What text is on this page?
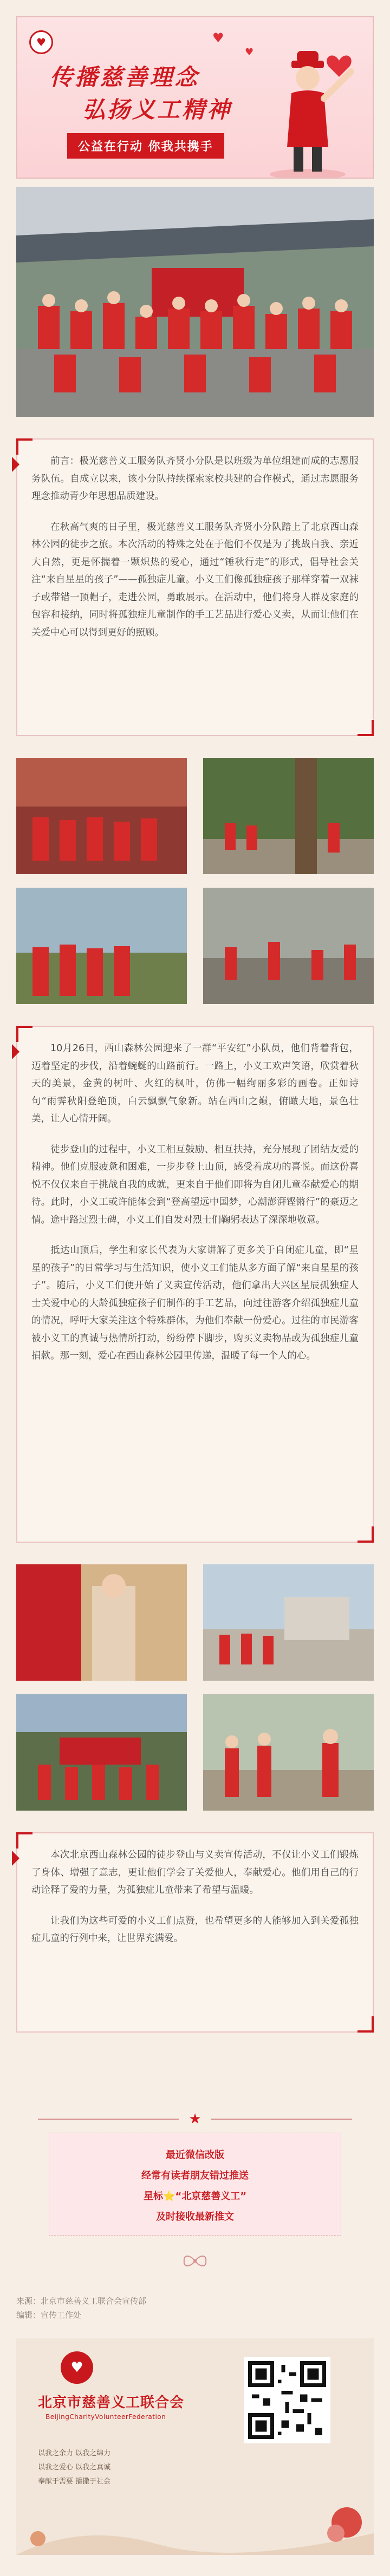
♥
传播慈善理念
弘扬义工精神
公益在行动 你我共携手
♥
♥

前言：极光慈善义工服务队齐贤小分队是以班级为单位组建而成的志愿服务队伍。自成立以来，该小分队持续探索家校共建的合作模式，通过志愿服务理念推动青少年思想品质建设。

在秋高气爽的日子里，极光慈善义工服务队齐贤小分队踏上了北京西山森林公园的徒步之旅。本次活动的特殊之处在于他们不仅是为了挑战自我、亲近大自然，更是怀揣着一颗炽热的爱心，通过“锤秋行走”的形式，倡导社会关注“来自星星的孩子”——孤独症儿童。小义工们像孤独症孩子那样穿着一双袜子或带错一顶帽子，走进公园，勇敢展示。在活动中，他们将身人群及家庭的包容和接纳，同时将孤独症儿童制作的手工艺品进行爱心义卖，从而让他们在关爱中心可以得到更好的照顾。

10月26日，西山森林公园迎来了一群“平安红”小队员，他们背着背包，迈着坚定的步伐，沿着蜿蜒的山路前行。一路上，小义工欢声笑语，欣赏着秋天的美景，金黄的树叶、火红的枫叶，仿佛一幅绚丽多彩的画卷。正如诗句“雨霁秋阳登绝顶，白云飘飘气象新。站在西山之巅，俯瞰大地，景色壮美，让人心情开阔。

徒步登山的过程中，小义工相互鼓励、相互扶持，充分展现了团结友爱的精神。他们克服疲惫和困难，一步步登上山顶，感受着成功的喜悦。而这份喜悦不仅仅来自于挑战自我的成就，更来自于他们即将为自闭儿童奉献爱心的期待。此时，小义工或许能体会到“登高望远中国梦，心潮澎湃铿锵行”的豪迈之情。途中路过烈士碑，小义工们自发对烈士们鞠躬表达了深深地敬意。

抵达山顶后，学生和家长代表为大家讲解了更多关于自闭症儿童，即“星星的孩子”的日常学习与生活知识，使小义工们能从多方面了解“来自星星的孩子”。随后，小义工们便开始了义卖宣传活动，他们拿出大兴区星辰孤独症人士关爱中心的大龄孤独症孩子们制作的手工艺品，向过往游客介绍孤独症儿童的情况，呼吁大家关注这个特殊群体，为他们奉献一份爱心。过往的市民游客被小义工的真诚与热情所打动，纷纷停下脚步，购买义卖物品或为孤独症儿童捐款。那一刻，爱心在西山森林公园里传递，温暖了每一个人的心。

本次北京西山森林公园的徒步登山与义卖宣传活动，不仅让小义工们锻炼了身体、增强了意志，更让他们学会了关爱他人，奉献爱心。他们用自己的行动诠释了爱的力量，为孤独症儿童带来了希望与温暖。

让我们为这些可爱的小义工们点赞，也希望更多的人能够加入到关爱孤独症儿童的行列中来，让世界充满爱。

★
最近微信改版
经常有读者朋友错过推送
星标⭐“北京慈善义工”
及时接收最新推文
来源：北京市慈善义工联合会宣传部
编辑：宣传工作处
♥
北京市慈善义工联合会
BeijingCharityVolunteerFederation
以我之余力 以我之绵力
以我之爱心 以我之真诚
奉献于需要 播撒于社会
